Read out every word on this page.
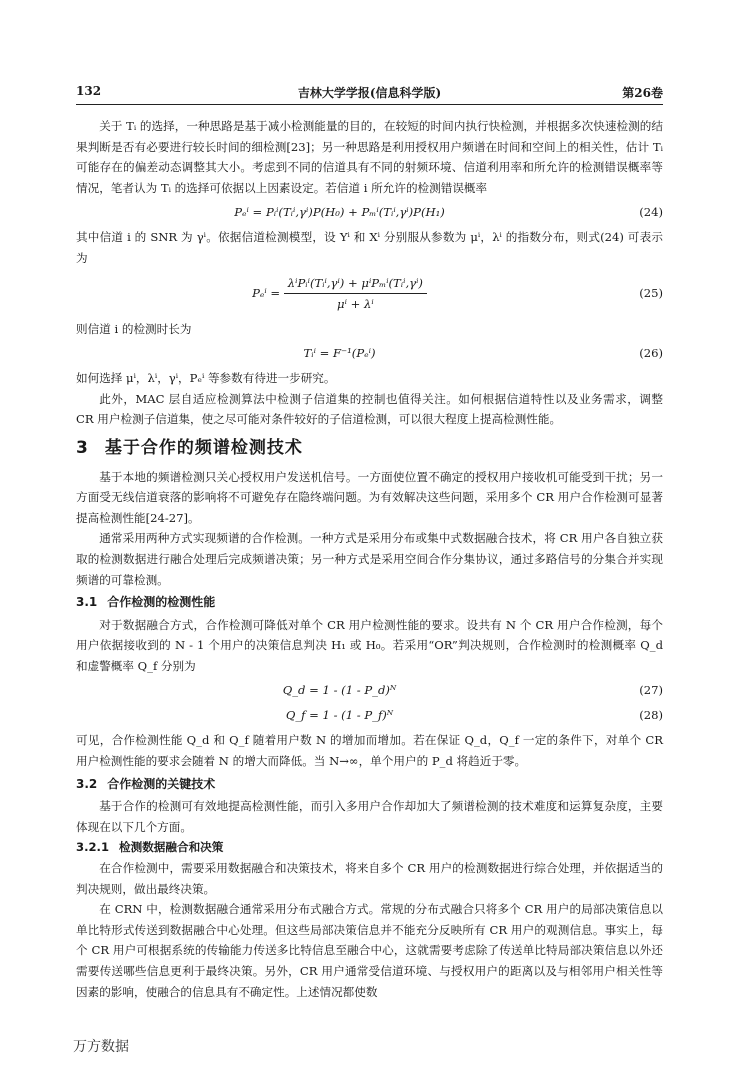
132	吉林大学学报(信息科学版)	第26卷

关于 Tᵢ 的选择，一种思路是基于减小检测能量的目的，在较短的时间内执行快检测，并根据多次快速检测的结果判断是否有必要进行较长时间的细检测[23]；另一种思路是利用授权用户频谱在时间和空间上的相关性，估计 Tᵢ 可能存在的偏差动态调整其大小。考虑到不同的信道具有不同的射频环境、信道利用率和所允许的检测错误概率等情况，笔者认为 Tᵢ 的选择可依据以上因素设定。若信道 i 所允许的检测错误概率

Pₑⁱ = Pᵢⁱ(Tᵢⁱ,γⁱ)P(H₀) + Pₘⁱ(Tᵢⁱ,γⁱ)P(H₁)	(24)

其中信道 i 的 SNR 为 γⁱ。依据信道检测模型，设 Yⁱ 和 Xⁱ 分别服从参数为 μⁱ，λⁱ 的指数分布，则式(24) 可表示为

$P_e^i = \frac{\text{λⁱPᵢⁱ(Tᵢⁱ,γⁱ) + μⁱPₘⁱ(Tᵢⁱ,γⁱ)}}{\text{μⁱ + λⁱ}}$	(25)

则信道 i 的检测时长为

Tᵢⁱ = F⁻¹(Pₑⁱ)	(26)

如何选择 μⁱ，λⁱ，γⁱ，Pₑⁱ 等参数有待进一步研究。

此外，MAC 层自适应检测算法中检测子信道集的控制也值得关注。如何根据信道特性以及业务需求，调整 CR 用户检测子信道集，使之尽可能对条件较好的子信道检测，可以很大程度上提高检测性能。

3 基于合作的频谱检测技术

基于本地的频谱检测只关心授权用户发送机信号。一方面使位置不确定的授权用户接收机可能受到干扰；另一方面受无线信道衰落的影响将不可避免存在隐终端问题。为有效解决这些问题，采用多个 CR 用户合作检测可显著提高检测性能[24-27]。

通常采用两种方式实现频谱的合作检测。一种方式是采用分布或集中式数据融合技术，将 CR 用户各自独立获取的检测数据进行融合处理后完成频谱决策；另一种方式是采用空间合作分集协议，通过多路信号的分集合并实现频谱的可靠检测。

3.1 合作检测的检测性能

对于数据融合方式，合作检测可降低对单个 CR 用户检测性能的要求。设共有 N 个 CR 用户合作检测，每个用户依据接收到的 N - 1 个用户的决策信息判决 H₁ 或 H₀。若采用“OR”判决规则，合作检测时的检测概率 Q_d 和虚警概率 Q_f 分别为

Q_d = 1 - (1 - P_d)ᴺ	(27)
Q_f = 1 - (1 - P_f)ᴺ	(28)

可见，合作检测性能 Q_d 和 Q_f 随着用户数 N 的增加而增加。若在保证 Q_d，Q_f 一定的条件下，对单个 CR 用户检测性能的要求会随着 N 的增大而降低。当 N→∞，单个用户的 P_d 将趋近于零。

3.2 合作检测的关键技术

基于合作的检测可有效地提高检测性能，而引入多用户合作却加大了频谱检测的技术难度和运算复杂度，主要体现在以下几个方面。

3.2.1 检测数据融合和决策

在合作检测中，需要采用数据融合和决策技术，将来自多个 CR 用户的检测数据进行综合处理，并依据适当的判决规则，做出最终决策。

在 CRN 中，检测数据融合通常采用分布式融合方式。常规的分布式融合只将多个 CR 用户的局部决策信息以单比特形式传送到数据融合中心处理。但这些局部决策信息并不能充分反映所有 CR 用户的观测信息。事实上，每个 CR 用户可根据系统的传输能力传送多比特信息至融合中心，这就需要考虑除了传送单比特局部决策信息以外还需要传送哪些信息更利于最终决策。另外，CR 用户通常受信道环境、与授权用户的距离以及与相邻用户相关性等因素的影响，使融合的信息具有不确定性。上述情况都使数

万方数据
